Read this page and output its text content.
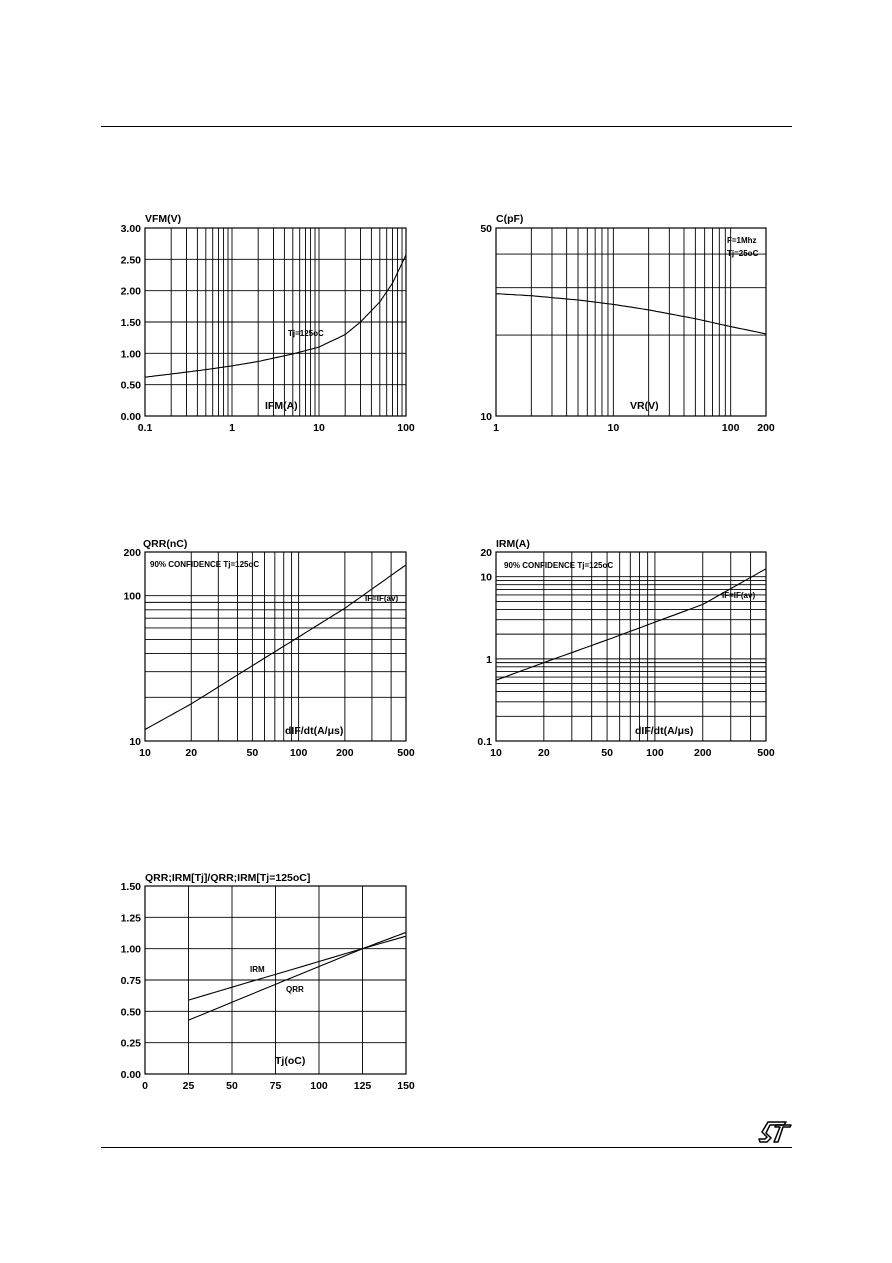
0.1	1	10	100
0.00
0.50
1.00
1.50
2.00
2.50
3.00
VFM(V)
IFM(A)
Tj=125oC
1	10	100 200
10
50
C(pF)
VR(V)
F=1Mhz
Tj=25oC
10	20	50	100	200	500
10
100
200
QRR(nC)
dIF/dt(A/μs)
90% CONFIDENCE Tj=125oC
IF=IF(av)
10	20	50	100	200	500
0.1
1
10
20
IRM(A)
dIF/dt(A/μs)
90% CONFIDENCE Tj=125oC
IF=IF(av)
0	25	50	75	100 125 150
0.00
0.25
0.50
0.75
1.00
1.25
1.50
QRR;IRM[Tj]/QRR;IRM[Tj=125oC]
Tj(oC)
IRM
QRR
